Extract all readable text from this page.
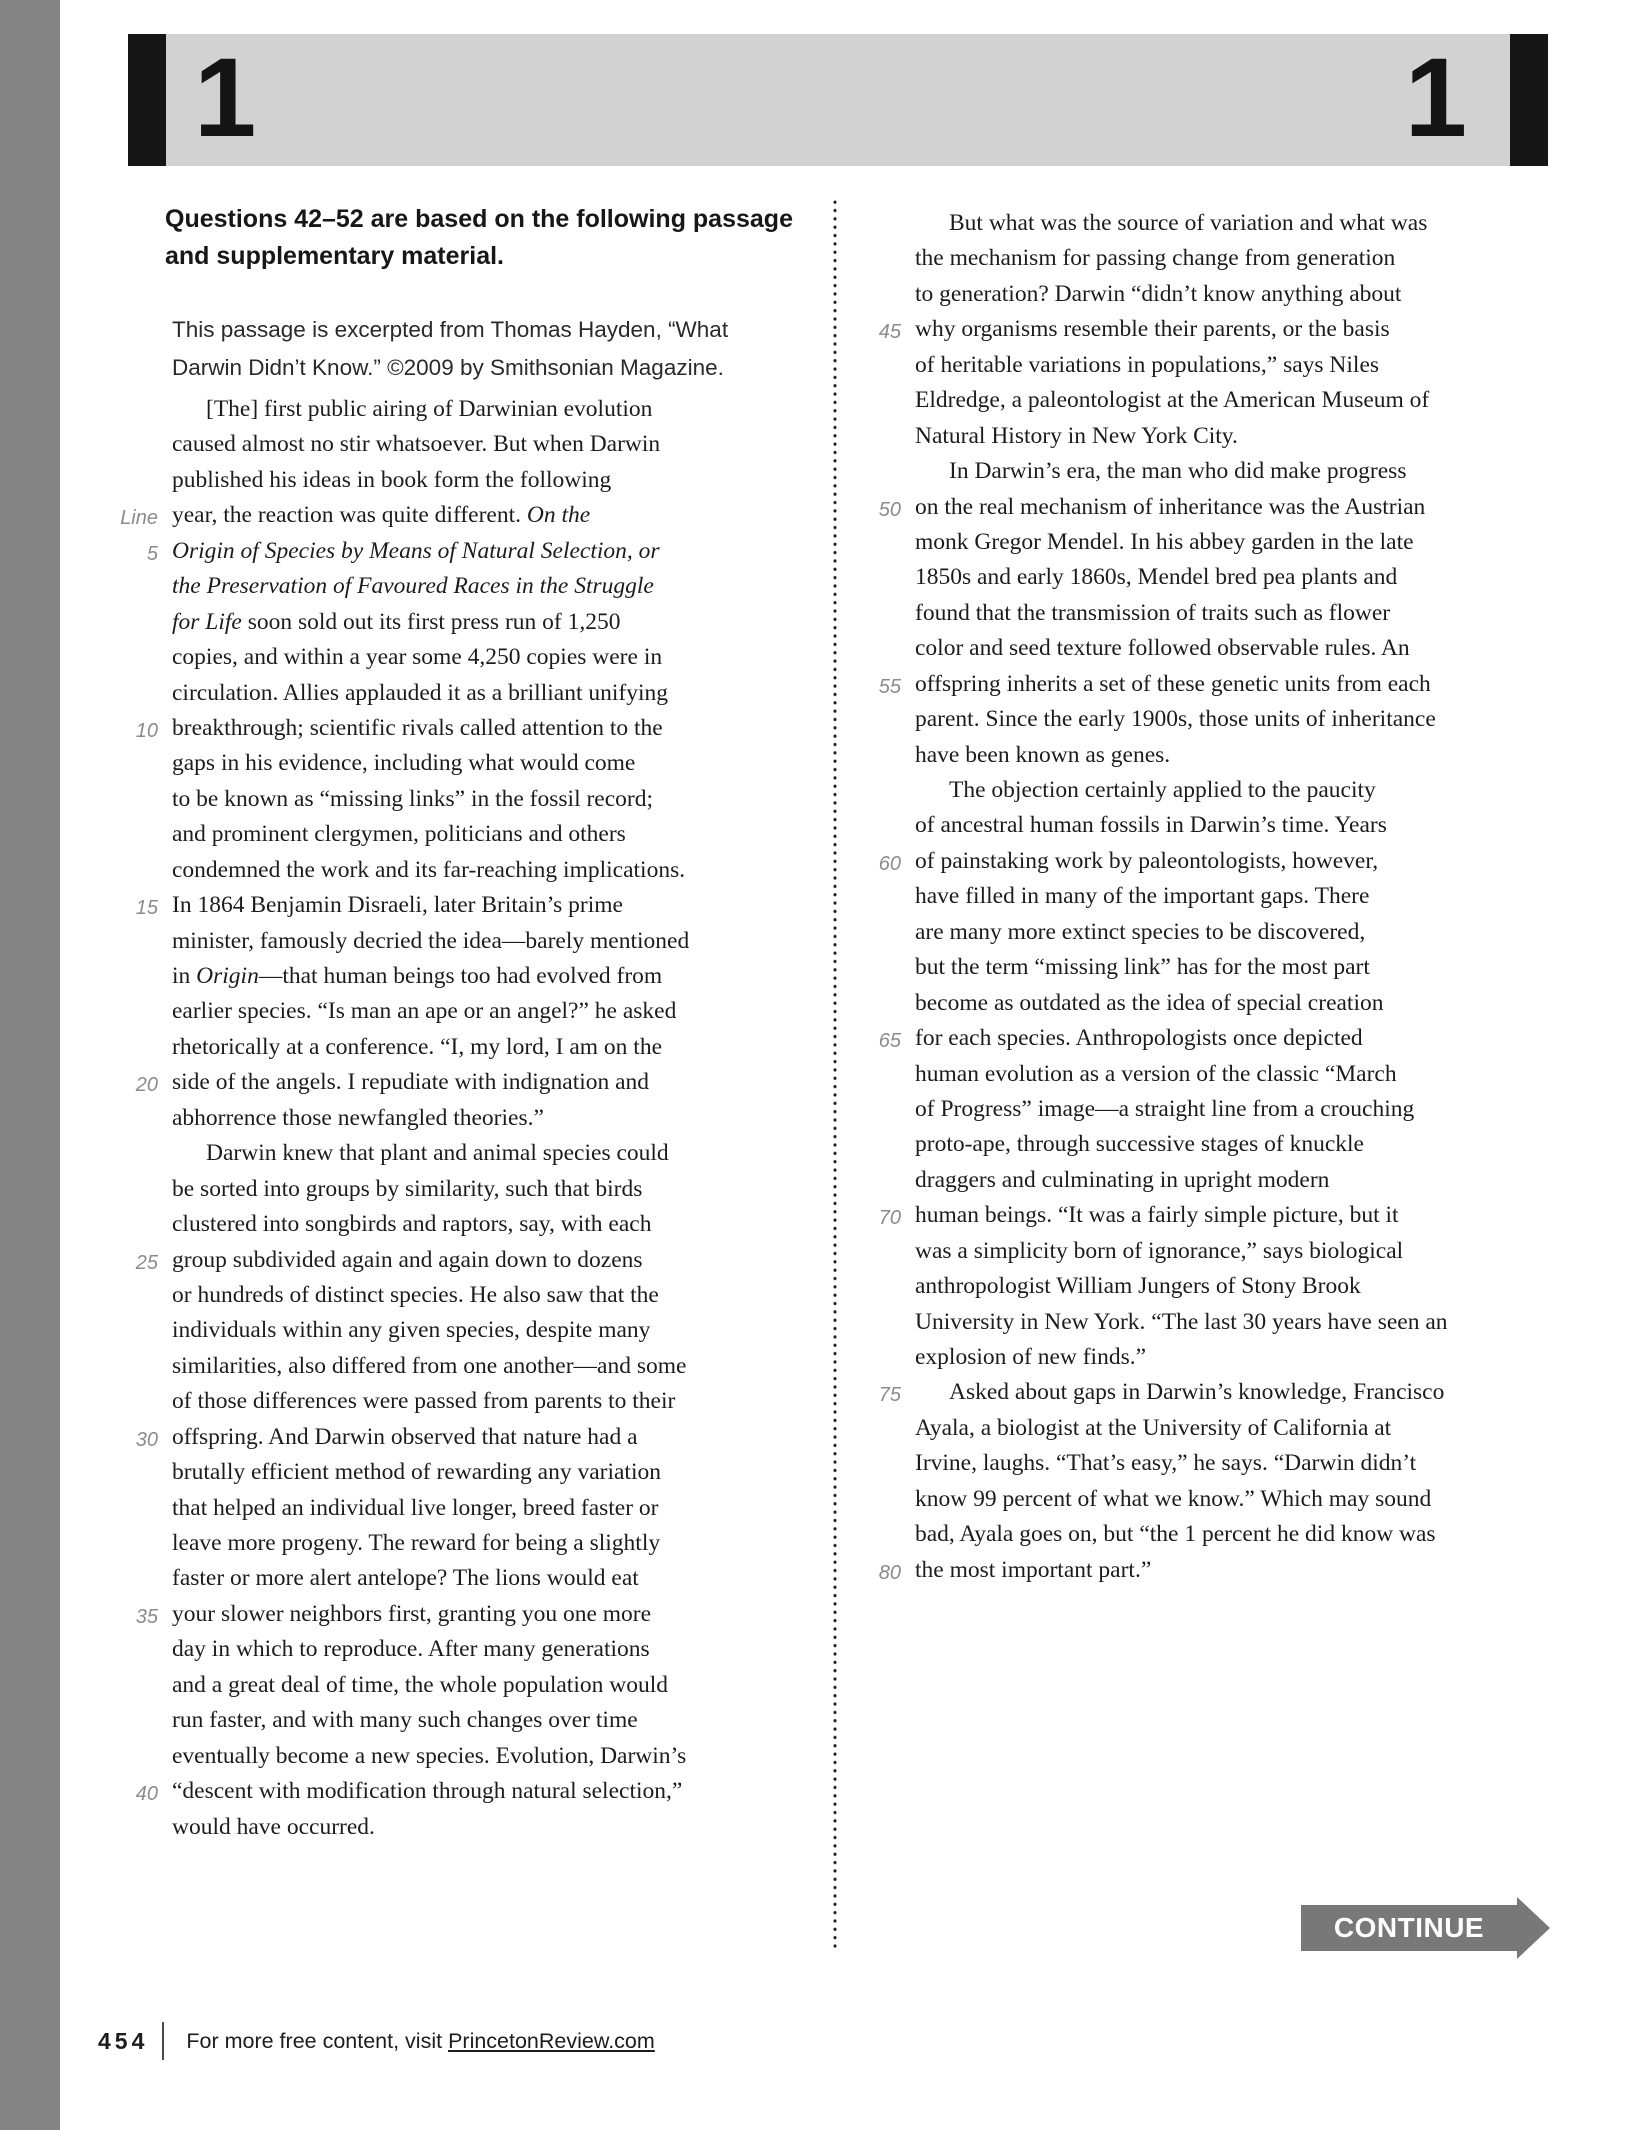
1	1
Questions 42–52 are based on the following passage
and supplementary material.
This passage is excerpted from Thomas Hayden, “What
Darwin Didn’t Know.” ©2009 by Smithsonian Magazine.
[The] first public airing of Darwinian evolution
caused almost no stir whatsoever. But when Darwin
published his ideas in book form the following
Line year, the reaction was quite different. On the
5 Origin of Species by Means of Natural Selection, or
the Preservation of Favoured Races in the Struggle
for Life soon sold out its first press run of 1,250
copies, and within a year some 4,250 copies were in
circulation. Allies applauded it as a brilliant unifying
10 breakthrough; scientific rivals called attention to the
gaps in his evidence, including what would come
to be known as “missing links” in the fossil record;
and prominent clergymen, politicians and others
condemned the work and its far-reaching implications.
15 In 1864 Benjamin Disraeli, later Britain’s prime
minister, famously decried the idea—barely mentioned
in Origin—that human beings too had evolved from
earlier species. “Is man an ape or an angel?” he asked
rhetorically at a conference. “I, my lord, I am on the
20 side of the angels. I repudiate with indignation and
abhorrence those newfangled theories.”
Darwin knew that plant and animal species could
be sorted into groups by similarity, such that birds
clustered into songbirds and raptors, say, with each
25 group subdivided again and again down to dozens
or hundreds of distinct species. He also saw that the
individuals within any given species, despite many
similarities, also differed from one another—and some
of those differences were passed from parents to their
30 offspring. And Darwin observed that nature had a
brutally efficient method of rewarding any variation
that helped an individual live longer, breed faster or
leave more progeny. The reward for being a slightly
faster or more alert antelope? The lions would eat
35 your slower neighbors first, granting you one more
day in which to reproduce. After many generations
and a great deal of time, the whole population would
run faster, and with many such changes over time
eventually become a new species. Evolution, Darwin’s
40 “descent with modification through natural selection,”
would have occurred.
But what was the source of variation and what was
the mechanism for passing change from generation
to generation? Darwin “didn’t know anything about
45 why organisms resemble their parents, or the basis
of heritable variations in populations,” says Niles
Eldredge, a paleontologist at the American Museum of
Natural History in New York City.
In Darwin’s era, the man who did make progress
50 on the real mechanism of inheritance was the Austrian
monk Gregor Mendel. In his abbey garden in the late
1850s and early 1860s, Mendel bred pea plants and
found that the transmission of traits such as flower
color and seed texture followed observable rules. An
55 offspring inherits a set of these genetic units from each
parent. Since the early 1900s, those units of inheritance
have been known as genes.
The objection certainly applied to the paucity
of ancestral human fossils in Darwin’s time. Years
60 of painstaking work by paleontologists, however,
have filled in many of the important gaps. There
are many more extinct species to be discovered,
but the term “missing link” has for the most part
become as outdated as the idea of special creation
65 for each species. Anthropologists once depicted
human evolution as a version of the classic “March
of Progress” image—a straight line from a crouching
proto-ape, through successive stages of knuckle
draggers and culminating in upright modern
70 human beings. “It was a fairly simple picture, but it
was a simplicity born of ignorance,” says biological
anthropologist William Jungers of Stony Brook
University in New York. “The last 30 years have seen an
explosion of new finds.”
75 Asked about gaps in Darwin’s knowledge, Francisco
Ayala, a biologist at the University of California at
Irvine, laughs. “That’s easy,” he says. “Darwin didn’t
know 99 percent of what we know.” Which may sound
bad, Ayala goes on, but “the 1 percent he did know was
80 the most important part.”
CONTINUE
454 For more free content, visit PrincetonReview.com
